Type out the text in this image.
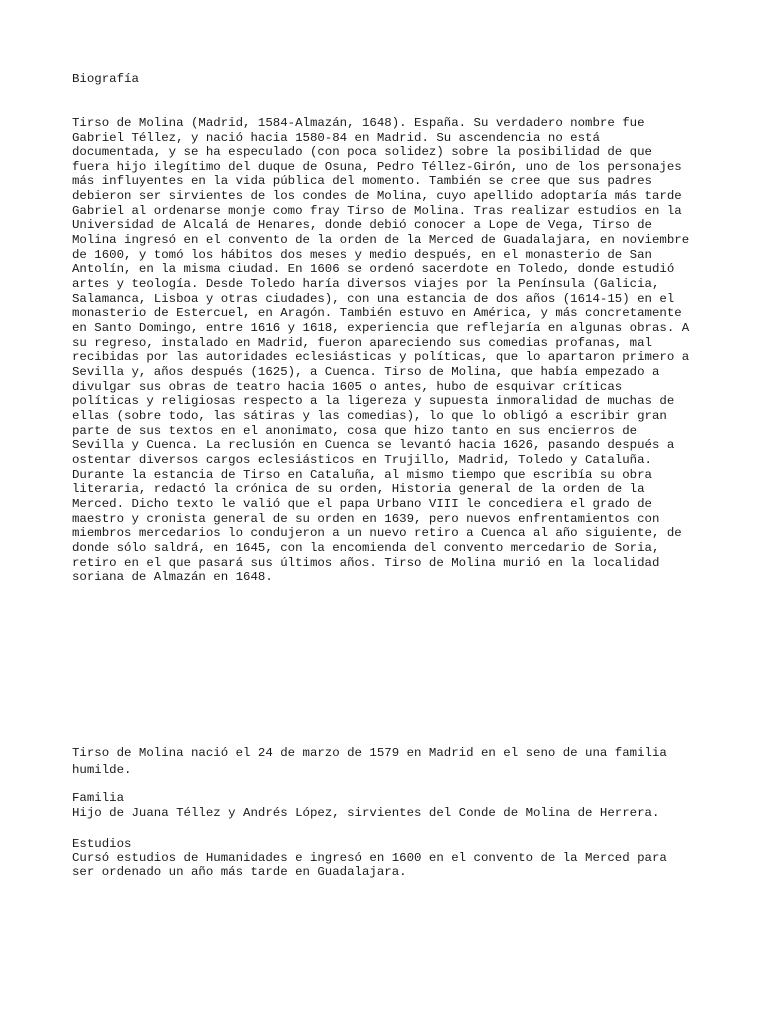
Biografía
Tirso de Molina (Madrid, 1584-Almazán, 1648). España. Su verdadero nombre fue
Gabriel Téllez, y nació hacia 1580-84 en Madrid. Su ascendencia no está
documentada, y se ha especulado (con poca solidez) sobre la posibilidad de que
fuera hijo ilegítimo del duque de Osuna, Pedro Téllez-Girón, uno de los personajes
más influyentes en la vida pública del momento. También se cree que sus padres
debieron ser sirvientes de los condes de Molina, cuyo apellido adoptaría más tarde
Gabriel al ordenarse monje como fray Tirso de Molina. Tras realizar estudios en la
Universidad de Alcalá de Henares, donde debió conocer a Lope de Vega, Tirso de
Molina ingresó en el convento de la orden de la Merced de Guadalajara, en noviembre
de 1600, y tomó los hábitos dos meses y medio después, en el monasterio de San
Antolín, en la misma ciudad. En 1606 se ordenó sacerdote en Toledo, donde estudió
artes y teología. Desde Toledo haría diversos viajes por la Península (Galicia,
Salamanca, Lisboa y otras ciudades), con una estancia de dos años (1614-15) en el
monasterio de Estercuel, en Aragón. También estuvo en América, y más concretamente
en Santo Domingo, entre 1616 y 1618, experiencia que reflejaría en algunas obras. A
su regreso, instalado en Madrid, fueron apareciendo sus comedias profanas, mal
recibidas por las autoridades eclesiásticas y políticas, que lo apartaron primero a
Sevilla y, años después (1625), a Cuenca. Tirso de Molina, que había empezado a
divulgar sus obras de teatro hacia 1605 o antes, hubo de esquivar críticas
políticas y religiosas respecto a la ligereza y supuesta inmoralidad de muchas de
ellas (sobre todo, las sátiras y las comedias), lo que lo obligó a escribir gran
parte de sus textos en el anonimato, cosa que hizo tanto en sus encierros de
Sevilla y Cuenca. La reclusión en Cuenca se levantó hacia 1626, pasando después a
ostentar diversos cargos eclesiásticos en Trujillo, Madrid, Toledo y Cataluña.
Durante la estancia de Tirso en Cataluña, al mismo tiempo que escribía su obra
literaria, redactó la crónica de su orden, Historia general de la orden de la
Merced. Dicho texto le valió que el papa Urbano VIII le concediera el grado de
maestro y cronista general de su orden en 1639, pero nuevos enfrentamientos con
miembros mercedarios lo condujeron a un nuevo retiro a Cuenca al año siguiente, de
donde sólo saldrá, en 1645, con la encomienda del convento mercedario de Soria,
retiro en el que pasará sus últimos años. Tirso de Molina murió en la localidad
soriana de Almazán en 1648.
Tirso de Molina nació el 24 de marzo de 1579 en Madrid en el seno de una familia
humilde.
Familia
Hijo de Juana Téllez y Andrés López, sirvientes del Conde de Molina de Herrera.
Estudios
Cursó estudios de Humanidades e ingresó en 1600 en el convento de la Merced para
ser ordenado un año más tarde en Guadalajara.
